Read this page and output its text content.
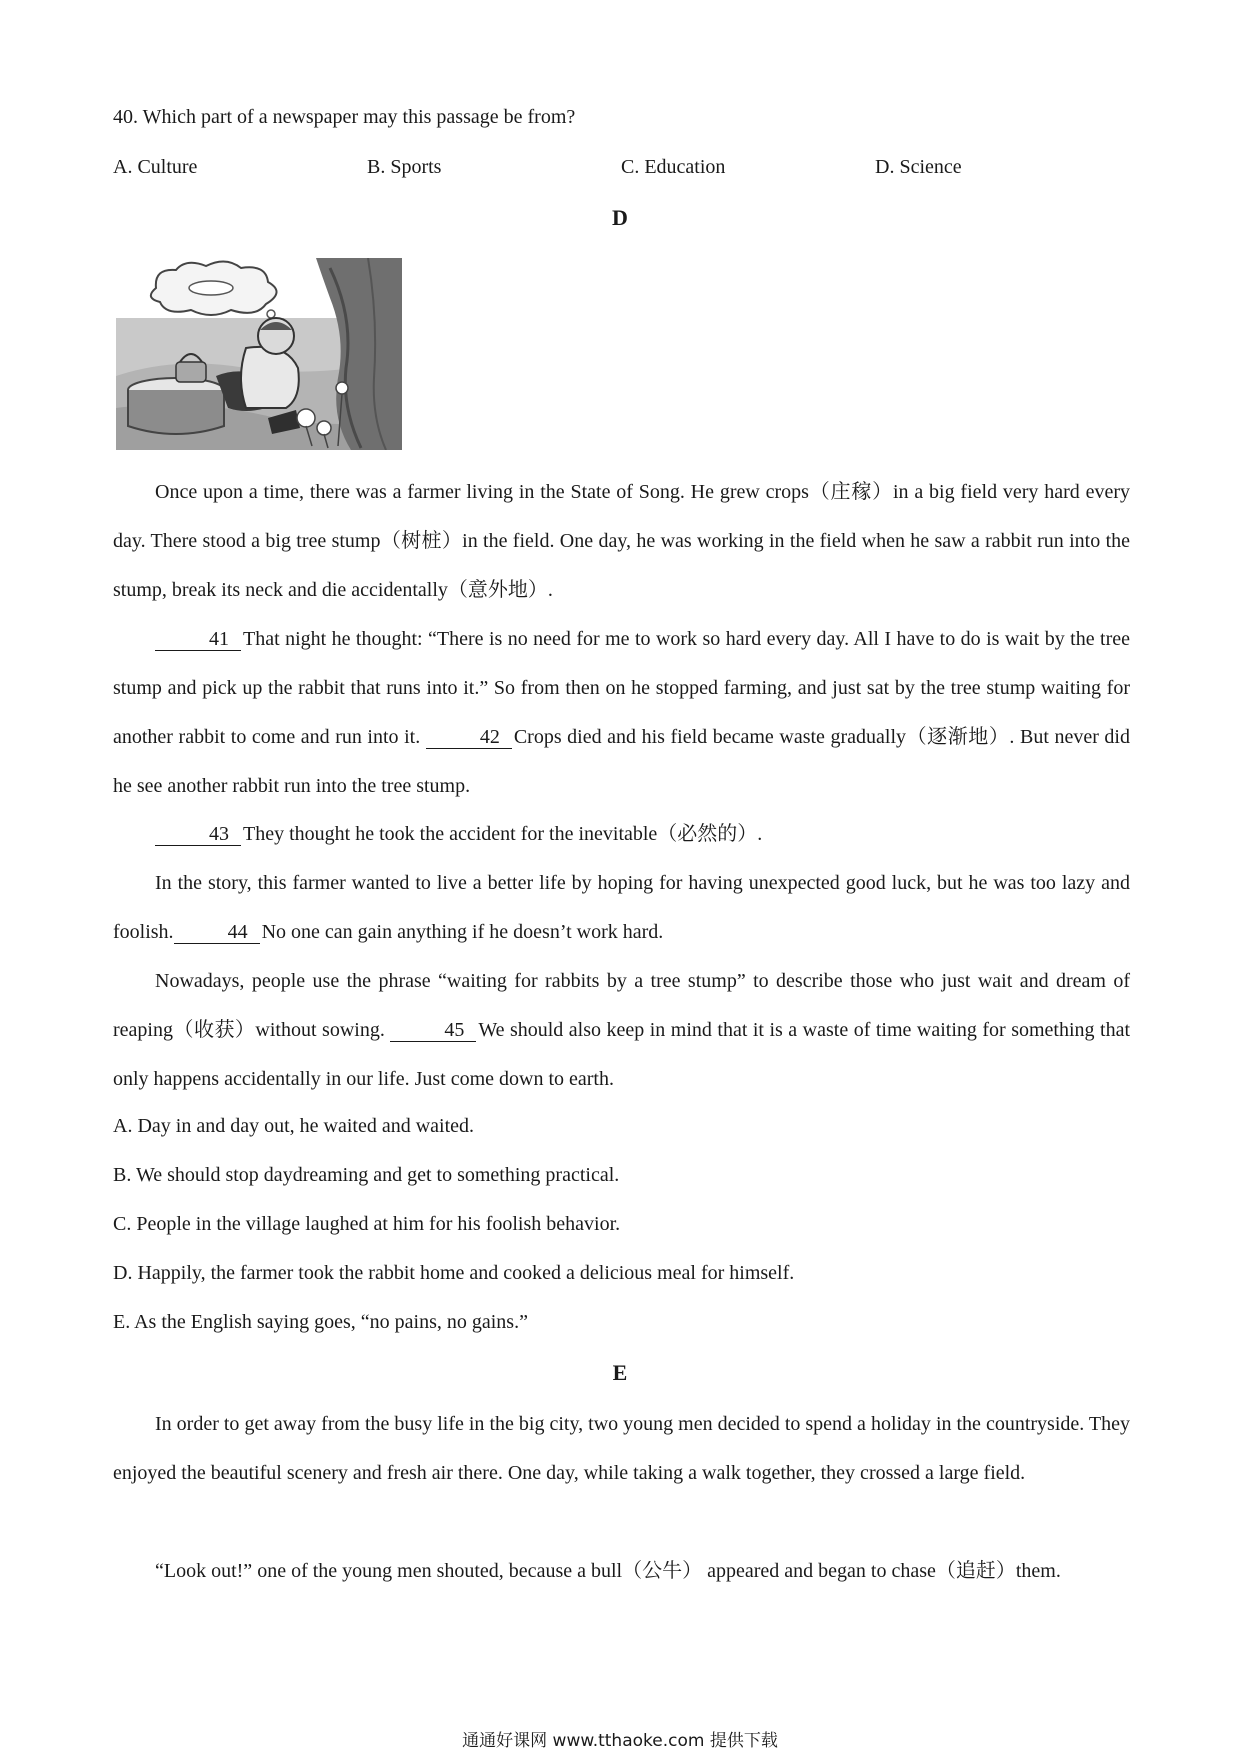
40. Which part of a newspaper may this passage be from?
A. Culture	B. Sports	C. Education	D. Science
D
Once upon a time, there was a farmer living in the State of Song. He grew crops（庄稼）in a big field very hard every day. There stood a big tree stump（树桩）in the field. One day, he was working in the field when he saw a rabbit run into the stump, break its neck and die accidentally（意外地）.
41 That night he thought: “There is no need for me to work so hard every day. All I have to do is wait by the tree stump and pick up the rabbit that runs into it.” So from then on he stopped farming, and just sat by the tree stump waiting for another rabbit to come and run into it.	42 Crops died and his field became waste gradually（逐渐地）. But never did he see another rabbit run into the tree stump.
43 They thought he took the accident for the inevitable（必然的）.
In the story, this farmer wanted to live a better life by hoping for having unexpected good luck, but he was too lazy and foolish.	44 No one can gain anything if he doesn’t work hard.
Nowadays, people use the phrase “waiting for rabbits by a tree stump” to describe those who just wait and dream of reaping（收获）without sowing.	45 We should also keep in mind that it is a waste of time waiting for something that only happens accidentally in our life. Just come down to earth.
A. Day in and day out, he waited and waited.
B. We should stop daydreaming and get to something practical.
C. People in the village laughed at him for his foolish behavior.
D. Happily, the farmer took the rabbit home and cooked a delicious meal for himself.
E. As the English saying goes, “no pains, no gains.”
E
In order to get away from the busy life in the big city, two young men decided to spend a holiday in the countryside. They enjoyed the beautiful scenery and fresh air there. One day, while taking a walk together, they crossed a large field.
“Look out!” one of the young men shouted, because a bull（公牛） appeared and began to chase（追赶）them.
通通好课网 www.tthaoke.com 提供下载
